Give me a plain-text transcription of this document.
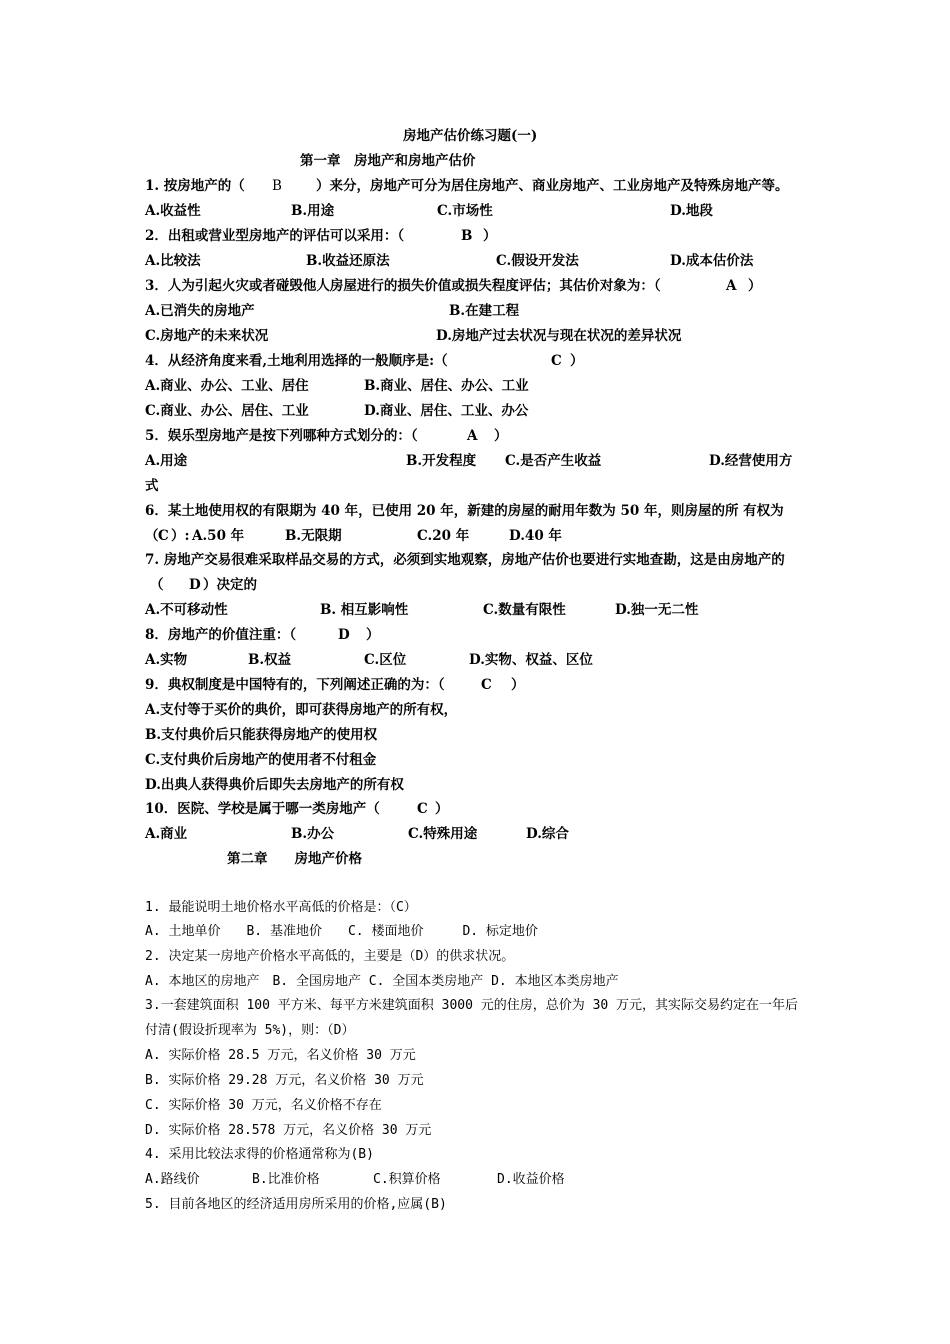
房地产估价练习题(一)
第一章　房地产和房地产估价
1. 按房地产的（ B	）来分，房地产可分为居住房地产、商业房地产、工业房地产及特殊房地产等。
A.收益性	B.用途	C.市场性	D.地段
2．出租或营业型房地产的评估可以采用：（	B ）
A.比较法	B.收益还原法	C.假设开发法	D.成本估价法
3．人为引起火灾或者碰毁他人房屋进行的损失价值或损失程度评估；其估价对象为：（	A ）
A.已消失的房地产	B.在建工程
C.房地产的未来状况	D.房地产过去状况与现在状况的差异状况
4．从经济角度来看,土地利用选择的一般顺序是:（	C ）
A.商业、办公、工业、居住	B.商业、居住、办公、工业
C.商业、办公、居住、工业	D.商业、居住、工业、办公
5．娱乐型房地产是按下列哪种方式划分的：（	A ）
A.用途	B.开发程度 C.是否产生收益	D.经营使用方
式
6．某土地使用权的有限期为 40 年，已使用 20 年，新建的房屋的耐用年数为 50 年，则房屋的所 有权为
（ C ）: A.50 年	B.无限期	C.20 年	D.40 年
7. 房地产交易很难采取样品交易的方式，必须到实地观察，房地产估价也要进行实地查勘，这是由房地产的
（ D ）决定的
A.不可移动性	B. 相互影响性	C.数量有限性	D.独一无二性
8．房地产的价值注重：（	D ）
A.实物	B.权益	C.区位	D.实物、权益、区位
9．典权制度是中国特有的，下列阐述正确的为：（	C ）
A.支付等于买价的典价，即可获得房地产的所有权，
B.支付典价后只能获得房地产的使用权
C.支付典价后房地产的使用者不付租金
D.出典人获得典价后即失去房地产的所有权
10．医院、学校是属于哪一类房地产（	C ）
A.商业	B.办公	C.特殊用途	D.综合
第二章　　房地产价格
1. 最能说明土地价格水平高低的价格是：（C）
A. 土地单价　　B. 基准地价　　C. 楼面地价　　　D. 标定地价
2. 决定某一房地产价格水平高低的，主要是（D）的供求状况。
A. 本地区的房地产　B. 全国房地产 C. 全国本类房地产 D. 本地区本类房地产
3.一套建筑面积 100 平方米、每平方米建筑面积 3000 元的住房，总价为 30 万元，其实际交易约定在一年后
付清(假设折现率为 5%)，则：（D）
A. 实际价格 28.5 万元，名义价格 30 万元
B. 实际价格 29.28 万元，名义价格 30 万元
C. 实际价格 30 万元，名义价格不存在
D. 实际价格 28.578 万元，名义价格 30 万元
4. 采用比较法求得的价格通常称为(B)
A.路线价	B.比准价格	C.积算价格	D.收益价格
5. 目前各地区的经济适用房所采用的价格,应属(B)
